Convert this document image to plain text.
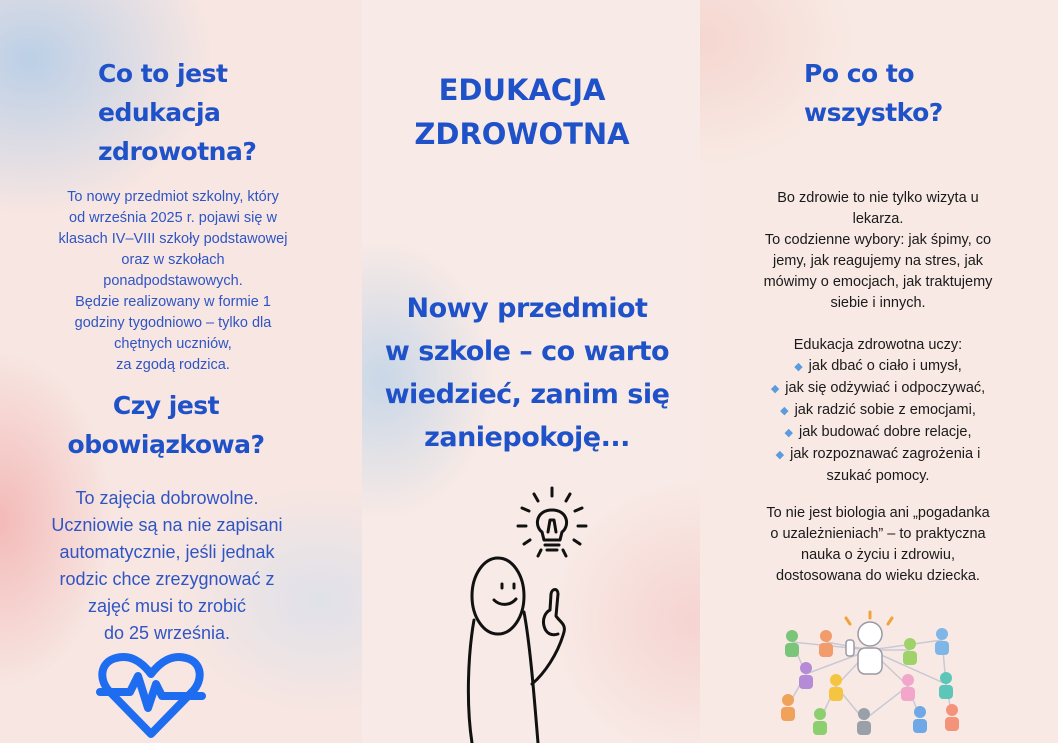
Co to jest
edukacja
zdrowotna?
To nowy przedmiot szkolny, który
od września 2025 r. pojawi się w
klasach IV–VIII szkoły podstawowej
oraz w szkołach
ponadpodstawowych.
Będzie realizowany w formie 1
godziny tygodniowo – tylko dla
chętnych uczniów,
za zgodą rodzica.
Czy jest
obowiązkowa?
To zajęcia dobrowolne.
Uczniowie są na nie zapisani
automatycznie, jeśli jednak
rodzic chce zrezygnować z
zajęć musi to zrobić
do 25 września.
EDUKACJA
ZDROWOTNA
Nowy przedmiot
w szkole – co warto
wiedzieć, zanim się
zaniepokoję...
Po co to
wszystko?
Bo zdrowie to nie tylko wizyta u
lekarza.
To codzienne wybory: jak śpimy, co
jemy, jak reagujemy na stres, jak
mówimy o emocjach, jak traktujemy
siebie i innych.
Edukacja zdrowotna uczy:
◆ jak dbać o ciało i umysł,
◆ jak się odżywiać i odpoczywać,
◆ jak radzić sobie z emocjami,
◆ jak budować dobre relacje,
◆ jak rozpoznawać zagrożenia i
szukać pomocy.
To nie jest biologia ani „pogadanka
o uzależnieniach” – to praktyczna
nauka o życiu i zdrowiu,
dostosowana do wieku dziecka.
